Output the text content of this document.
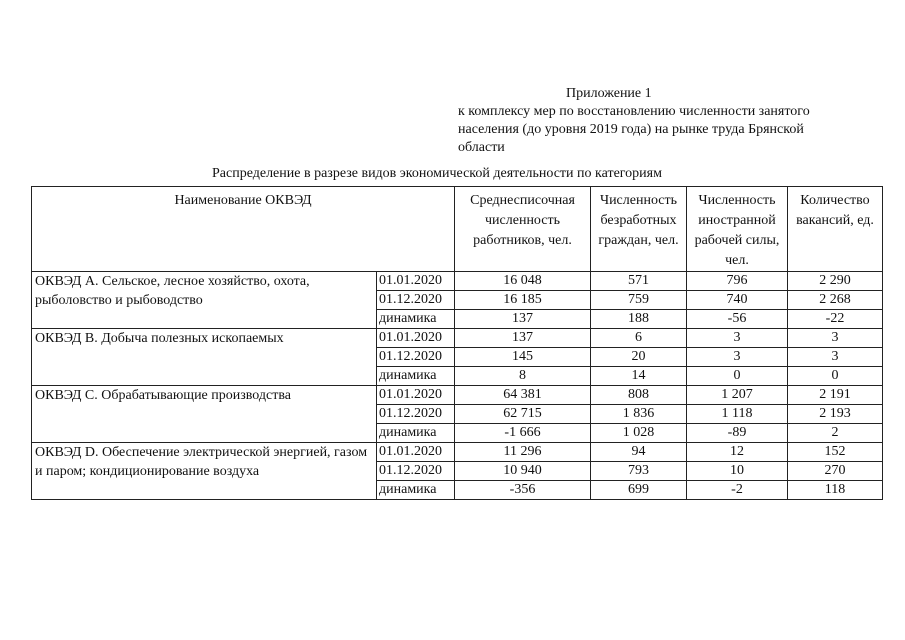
Приложение 1
к комплексу мер по восстановлению численности занятого
населения (до уровня 2019 года) на рынке труда Брянской
области
Распределение в разрезе видов экономической деятельности по категориям
Наименование ОКВЭД		Среднесписочная численность работников, чел.	Численность безработных граждан, чел.	Численность иностранной рабочей силы, чел.	Количество вакансий, ед.
ОКВЭД А. Сельское, лесное хозяйство, охота, рыболовство и рыбоводство	01.01.2020	16 048	571	796	2 290
	01.12.2020	16 185	759	740	2 268
	динамика	137	188	-56	-22
ОКВЭД В. Добыча полезных ископаемых	01.01.2020	137	6	3	3
	01.12.2020	145	20	3	3
	динамика	8	14	0	0
ОКВЭД С. Обрабатывающие производства	01.01.2020	64 381	808	1 207	2 191
	01.12.2020	62 715	1 836	1 118	2 193
	динамика	-1 666	1 028	-89	2
ОКВЭД D. Обеспечение электрической энергией, газом и паром; кондиционирование воздуха	01.01.2020	11 296	94	12	152
	01.12.2020	10 940	793	10	270
	динамика	-356	699	-2	118
